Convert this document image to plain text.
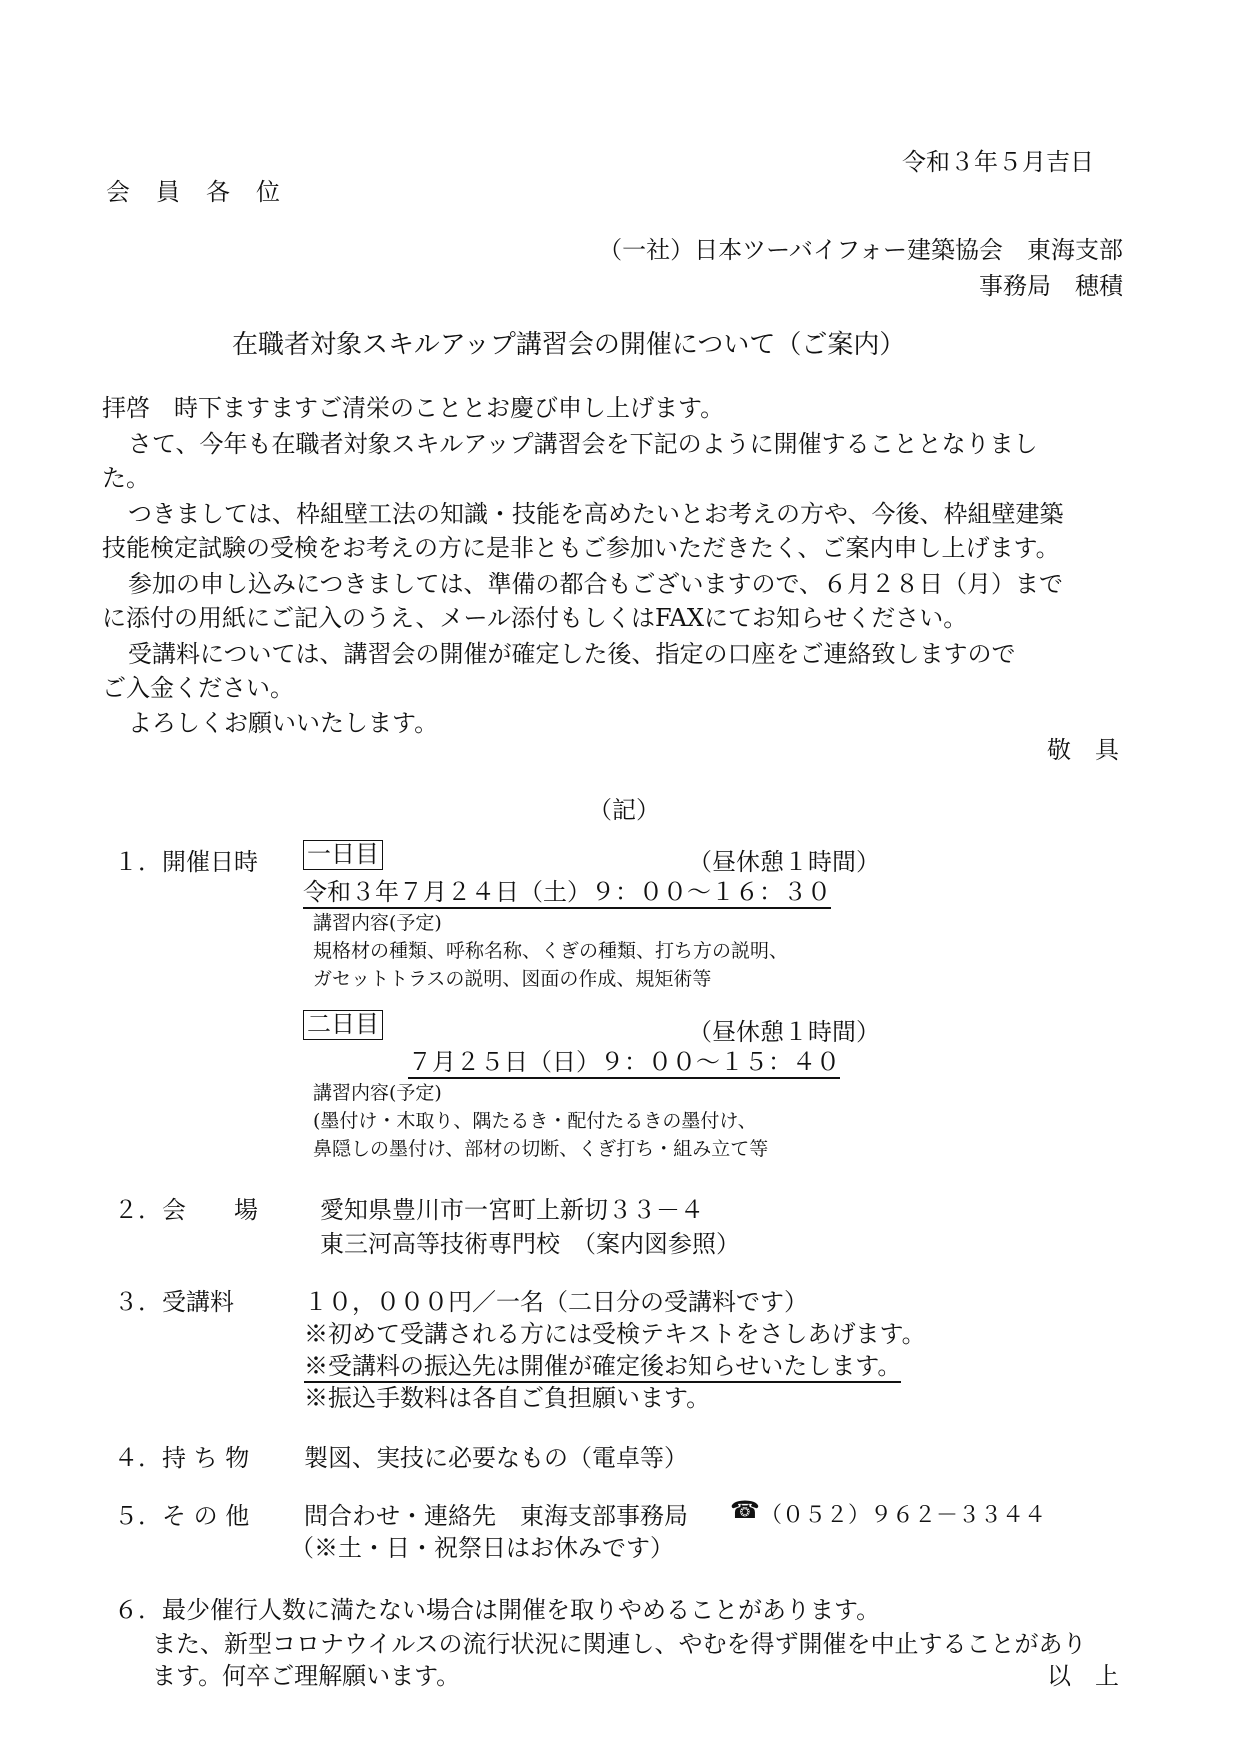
令和３年５月吉日
会員各位
（一社）日本ツーバイフォー建築協会　東海支部
事務局　穂積
在職者対象スキルアップ講習会の開催について（ご案内）
拝啓　時下ますますご清栄のこととお慶び申し上げます。
さて、今年も在職者対象スキルアップ講習会を下記のように開催することとなりまし
た。
つきましては、枠組壁工法の知識・技能を高めたいとお考えの方や、今後、枠組壁建築
技能検定試験の受検をお考えの方に是非ともご参加いただきたく、ご案内申し上げます。
参加の申し込みにつきましては、準備の都合もございますので、６月２８日（月）まで
に添付の用紙にご記入のうえ、メール添付もしくはFAXにてお知らせください。
受講料については、講習会の開催が確定した後、指定の口座をご連絡致しますので
ご入金ください。
よろしくお願いいたします。
敬　具
（記）
１．開催日時 一日目	（昼休憩１時間）
令和３年７月２４日（土）９：００～１６：３０
講習内容(予定)
規格材の種類、呼称名称、くぎの種類、打ち方の説明、
ガセットトラスの説明、図面の作成、規矩術等
二日目	（昼休憩１時間）
７月２５日（日）９：００～１５：４０
講習内容(予定)
(墨付け・木取り、隅たるき・配付たるきの墨付け、
鼻隠しの墨付け、部材の切断、くぎ打ち・組み立て等
２．会　　場	愛知県豊川市一宮町上新切３３－４
東三河高等技術専門校　（案内図参照）
３．受講料	１０，０００円／一名（二日分の受講料です）
※初めて受講される方には受検テキストをさしあげます。
※受講料の振込先は開催が確定後お知らせいたします。
※振込手数料は各自ご負担願います。
４．持 ち 物 製図、実技に必要なもの（電卓等）
５．そ の 他 問合わせ・連絡先　東海支部事務局 ☎ （０５２）９６２－３３４４
（※土・日・祝祭日はお休みです）
６．最少催行人数に満たない場合は開催を取りやめることがあります。
また、新型コロナウイルスの流行状況に関連し、やむを得ず開催を中止することがあり
ます。何卒ご理解願います。	以　上
